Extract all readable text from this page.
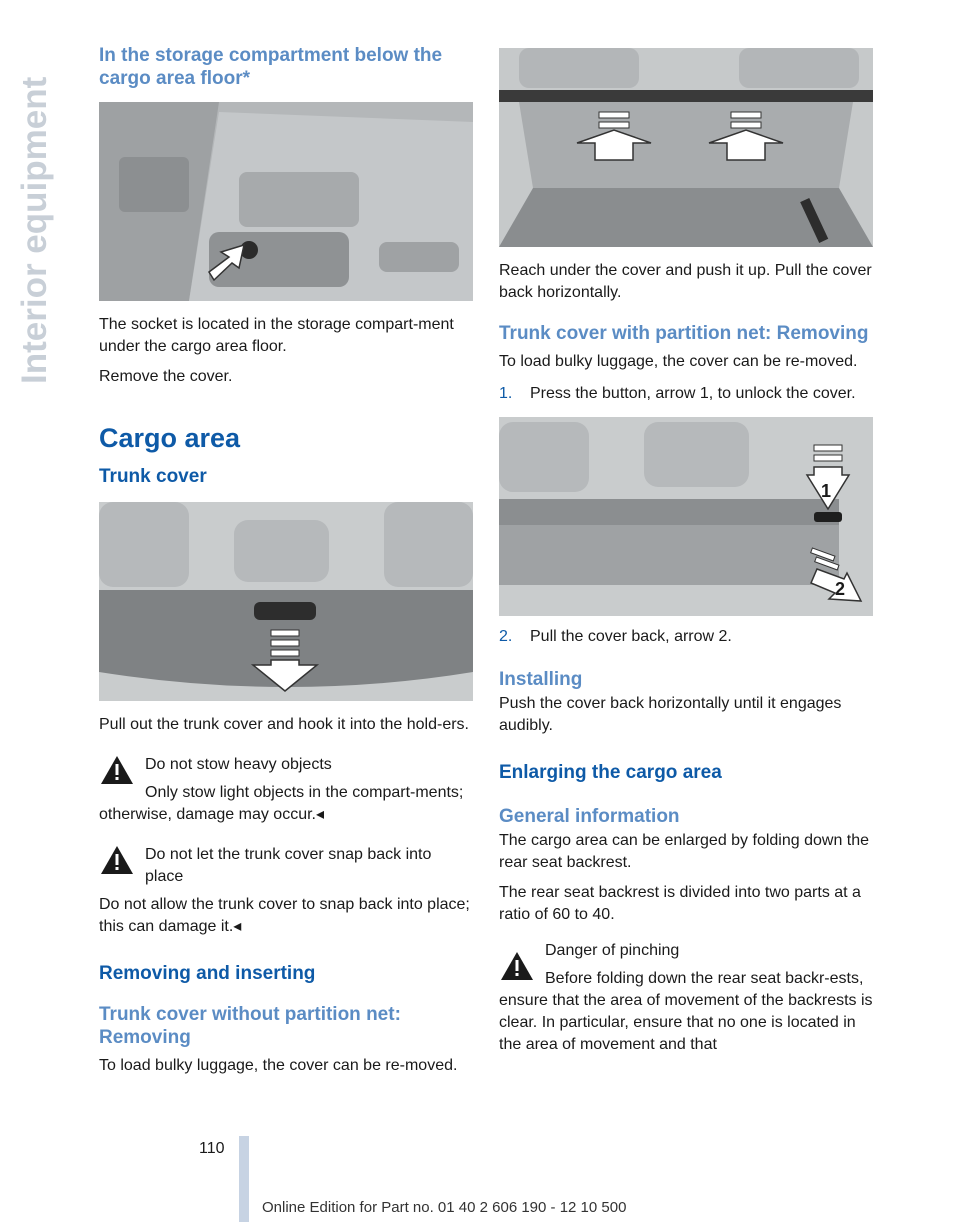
Interior equipment
In the storage compartment below the cargo area floor*

The socket is located in the storage compart‐ment under the cargo area floor.

Remove the cover.

Cargo area
Trunk cover

Pull out the trunk cover and hook it into the hold‐ers.

Do not stow heavy objects

Only stow light objects in the compart‐ments; otherwise, damage may occur.◂

Do not let the trunk cover snap back into place

Do not allow the trunk cover to snap back into place; this can damage it.◂

Removing and inserting
Trunk cover without partition net: Removing

To load bulky luggage, the cover can be re‐moved.

Reach under the cover and push it up. Pull the cover back horizontally.

Trunk cover with partition net: Removing

To load bulky luggage, the cover can be re‐moved.

1. Press the button, arrow 1, to unlock the cover.

1
2

2. Pull the cover back, arrow 2.

Installing

Push the cover back horizontally until it engages audibly.

Enlarging the cargo area
General information

The cargo area can be enlarged by folding down the rear seat backrest.

The rear seat backrest is divided into two parts at a ratio of 60 to 40.

Danger of pinching

Before folding down the rear seat backr‐ests, ensure that the area of movement of the backrests is clear. In particular, ensure that no one is located in the area of movement and that

110
Online Edition for Part no. 01 40 2 606 190 - 12 10 500
